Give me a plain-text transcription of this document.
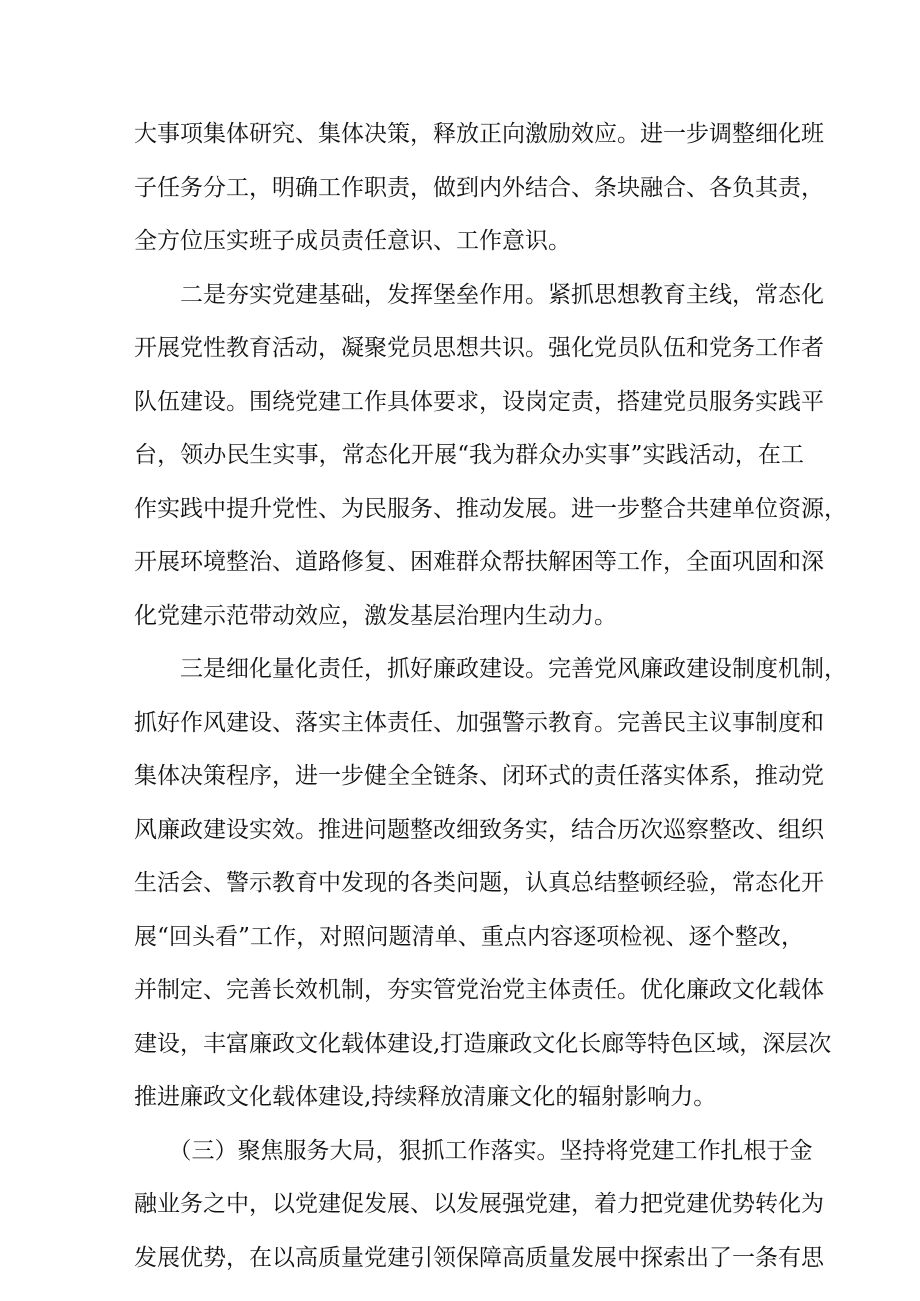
大事项集体研究、集体决策，释放正向激励效应。进一步调整细化班
子任务分工，明确工作职责，做到内外结合、条块融合、各负其责，
全方位压实班子成员责任意识、工作意识。

　　二是夯实党建基础，发挥堡垒作用。紧抓思想教育主线，常态化
开展党性教育活动，凝聚党员思想共识。强化党员队伍和党务工作者
队伍建设。围绕党建工作具体要求，设岗定责，搭建党员服务实践平
台，领办民生实事，常态化开展“我为群众办实事”实践活动，在工
作实践中提升党性、为民服务、推动发展。进一步整合共建单位资源，
开展环境整治、道路修复、困难群众帮扶解困等工作，全面巩固和深
化党建示范带动效应，激发基层治理内生动力。

　　三是细化量化责任，抓好廉政建设。完善党风廉政建设制度机制，
抓好作风建设、落实主体责任、加强警示教育。完善民主议事制度和
集体决策程序，进一步健全全链条、闭环式的责任落实体系，推动党
风廉政建设实效。推进问题整改细致务实，结合历次巡察整改、组织
生活会、警示教育中发现的各类问题，认真总结整顿经验，常态化开
展“回头看”工作，对照问题清单、重点内容逐项检视、逐个整改，
并制定、完善长效机制，夯实管党治党主体责任。优化廉政文化载体
建设，丰富廉政文化载体建设,打造廉政文化长廊等特色区域，深层次
推进廉政文化载体建设,持续释放清廉文化的辐射影响力。

　　（三）聚焦服务大局，狠抓工作落实。坚持将党建工作扎根于金
融业务之中，以党建促发展、以发展强党建，着力把党建优势转化为
发展优势，在以高质量党建引领保障高质量发展中探索出了一条有思
